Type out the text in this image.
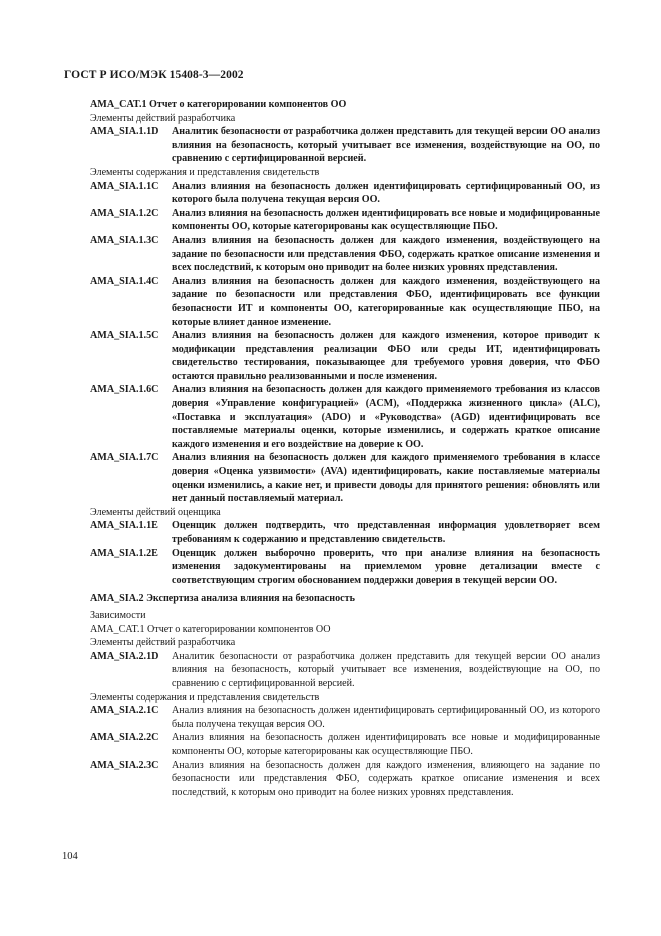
ГОСТ Р ИСО/МЭК 15408-3—2002

AMA_CAT.1 Отчет о категорировании компонентов ОО

Элементы действий разработчика

AMA_SIA.1.1D	Аналитик безопасности от разработчика должен представить для текущей версии ОО анализ влияния на безопасность, который учитывает все изменения, воздействующие на ОО, по сравнению с сертифицированной версией.

Элементы содержания и представления свидетельств

AMA_SIA.1.1C	Анализ влияния на безопасность должен идентифицировать сертифицированный ОО, из которого была получена текущая версия ОО.
AMA_SIA.1.2C	Анализ влияния на безопасность должен идентифицировать все новые и модифицированные компоненты ОО, которые категорированы как осуществляющие ПБО.
AMA_SIA.1.3C	Анализ влияния на безопасность должен для каждого изменения, воздействующего на задание по безопасности или представления ФБО, содержать краткое описание изменения и всех последствий, к которым оно приводит на более низких уровнях представления.
AMA_SIA.1.4C	Анализ влияния на безопасность должен для каждого изменения, воздействующего на задание по безопасности или представления ФБО, идентифицировать все функции безопасности ИТ и компоненты ОО, категорированные как осуществляющие ПБО, на которые влияет данное изменение.
AMA_SIA.1.5C	Анализ влияния на безопасность должен для каждого изменения, которое приводит к модификации представления реализации ФБО или среды ИТ, идентифицировать свидетельство тестирования, показывающее для требуемого уровня доверия, что ФБО остаются правильно реализованными и после изменения.
AMA_SIA.1.6C	Анализ влияния на безопасность должен для каждого применяемого требования из классов доверия «Управление конфигурацией» (ACM), «Поддержка жизненного цикла» (ALC), «Поставка и эксплуатация» (ADO) и «Руководства» (AGD) идентифицировать все поставляемые материалы оценки, которые изменились, и содержать краткое описание каждого изменения и его воздействие на доверие к ОО.
AMA_SIA.1.7C	Анализ влияния на безопасность должен для каждого применяемого требования в классе доверия «Оценка уязвимости» (AVA) идентифицировать, какие поставляемые материалы оценки изменились, а какие нет, и привести доводы для принятого решения: обновлять или нет данный поставляемый материал.

Элементы действий оценщика

AMA_SIA.1.1E	Оценщик должен подтвердить, что представленная информация удовлетворяет всем требованиям к содержанию и представлению свидетельств.
AMA_SIA.1.2E	Оценщик должен выборочно проверить, что при анализе влияния на безопасность изменения задокументированы на приемлемом уровне детализации вместе с соответствующим строгим обоснованием поддержки доверия в текущей версии ОО.

AMA_SIA.2 Экспертиза анализа влияния на безопасность

Зависимости

AMA_CAT.1 Отчет о категорировании компонентов ОО

Элементы действий разработчика

AMA_SIA.2.1D	Аналитик безопасности от разработчика должен представить для текущей версии ОО анализ влияния на безопасность, который учитывает все изменения, воздействующие на ОО, по сравнению с сертифицированной версией.

Элементы содержания и представления свидетельств

AMA_SIA.2.1C	Анализ влияния на безопасность должен идентифицировать сертифицированный ОО, из которого была получена текущая версия ОО.
AMA_SIA.2.2C	Анализ влияния на безопасность должен идентифицировать все новые и модифицированные компоненты ОО, которые категорированы как осуществляющие ПБО.
AMA_SIA.2.3C	Анализ влияния на безопасность должен для каждого изменения, влияющего на задание по безопасности или представления ФБО, содержать краткое описание изменения и всех последствий, к которым оно приводит на более низких уровнях представления.
104
